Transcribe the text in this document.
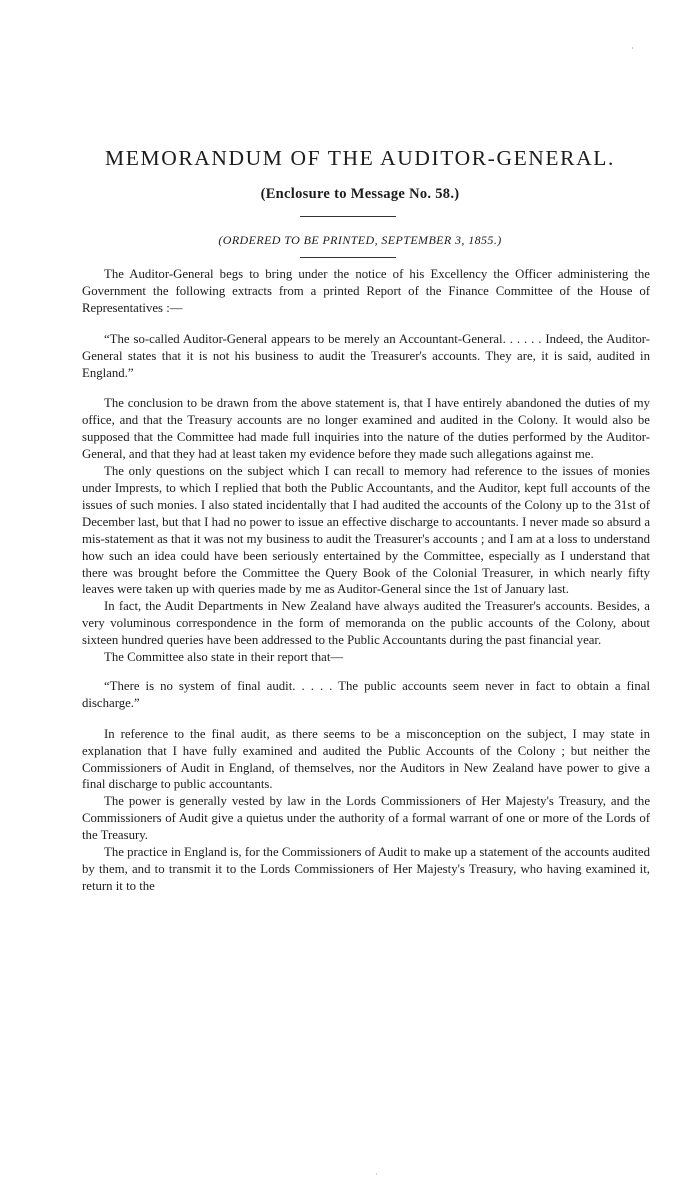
·
MEMORANDUM OF THE AUDITOR-GENERAL.
(Enclosure to Message No. 58.)
(ORDERED TO BE PRINTED, SEPTEMBER 3, 1855.)

The Auditor-General begs to bring under the notice of his Excellency the Officer administering the Government the following extracts from a printed Report of the Finance Committee of the House of Representatives :—

“The so-called Auditor-General appears to be merely an Accountant-General. . . . . . Indeed, the Auditor-General states that it is not his business to audit the Treasurer's accounts. They are, it is said, audited in England.”

The conclusion to be drawn from the above statement is, that I have entirely abandoned the duties of my office, and that the Treasury accounts are no longer examined and audited in the Colony. It would also be supposed that the Committee had made full inquiries into the nature of the duties performed by the Auditor-General, and that they had at least taken my evidence before they made such allegations against me.

The only questions on the subject which I can recall to memory had reference to the issues of monies under Imprests, to which I replied that both the Public Accountants, and the Auditor, kept full accounts of the issues of such monies. I also stated incidentally that I had audited the accounts of the Colony up to the 31st of December last, but that I had no power to issue an effective discharge to accountants. I never made so absurd a mis-statement as that it was not my business to audit the Treasurer's accounts ; and I am at a loss to understand how such an idea could have been seriously entertained by the Committee, especially as I understand that there was brought before the Committee the Query Book of the Colonial Treasurer, in which nearly fifty leaves were taken up with queries made by me as Auditor-General since the 1st of January last.

In fact, the Audit Departments in New Zealand have always audited the Treasurer's accounts. Besides, a very voluminous correspondence in the form of memoranda on the public accounts of the Colony, about sixteen hundred queries have been addressed to the Public Accountants during the past financial year.

The Committee also state in their report that—

“There is no system of final audit. . . . . The public accounts seem never in fact to obtain a final discharge.”

In reference to the final audit, as there seems to be a misconception on the subject, I may state in explanation that I have fully examined and audited the Public Accounts of the Colony ; but neither the Commissioners of Audit in England, of themselves, nor the Auditors in New Zealand have power to give a final discharge to public accountants.

The power is generally vested by law in the Lords Commissioners of Her Majesty's Treasury, and the Commissioners of Audit give a quietus under the authority of a formal warrant of one or more of the Lords of the Treasury.

The practice in England is, for the Commissioners of Audit to make up a statement of the accounts audited by them, and to transmit it to the Lords Commissioners of Her Majesty's Treasury, who having examined it, return it to the

·
